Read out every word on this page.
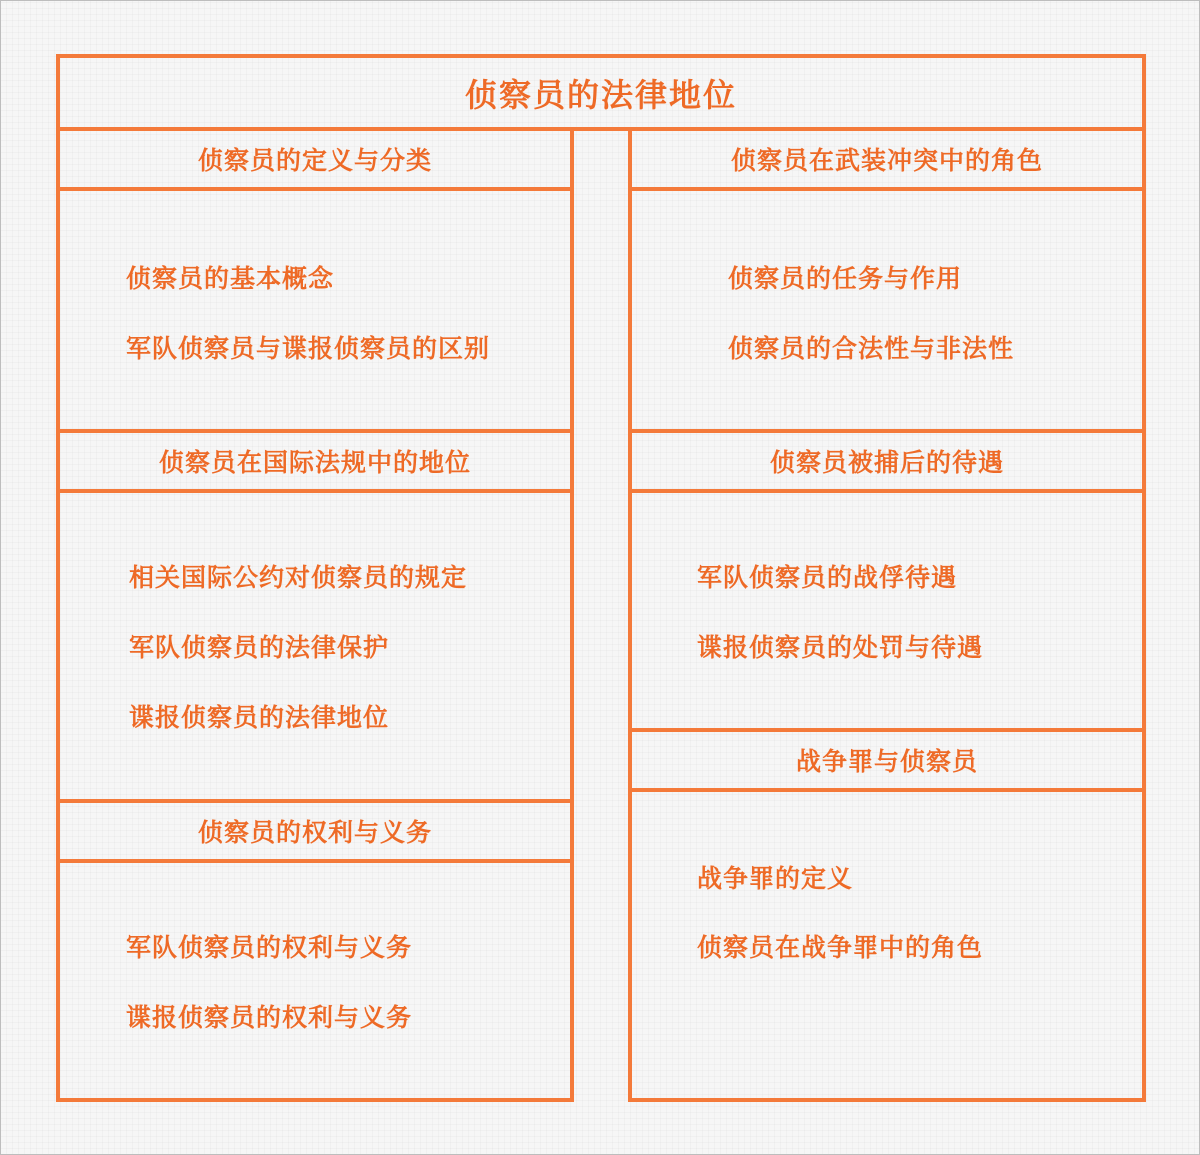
侦察员的法律地位
侦察员的定义与分类
侦察员的基本概念
军队侦察员与谍报侦察员的区别
侦察员在国际法规中的地位
相关国际公约对侦察员的规定
军队侦察员的法律保护
谍报侦察员的法律地位
侦察员的权利与义务
军队侦察员的权利与义务
谍报侦察员的权利与义务
侦察员在武装冲突中的角色
侦察员的任务与作用
侦察员的合法性与非法性
侦察员被捕后的待遇
军队侦察员的战俘待遇
谍报侦察员的处罚与待遇
战争罪与侦察员
战争罪的定义
侦察员在战争罪中的角色
